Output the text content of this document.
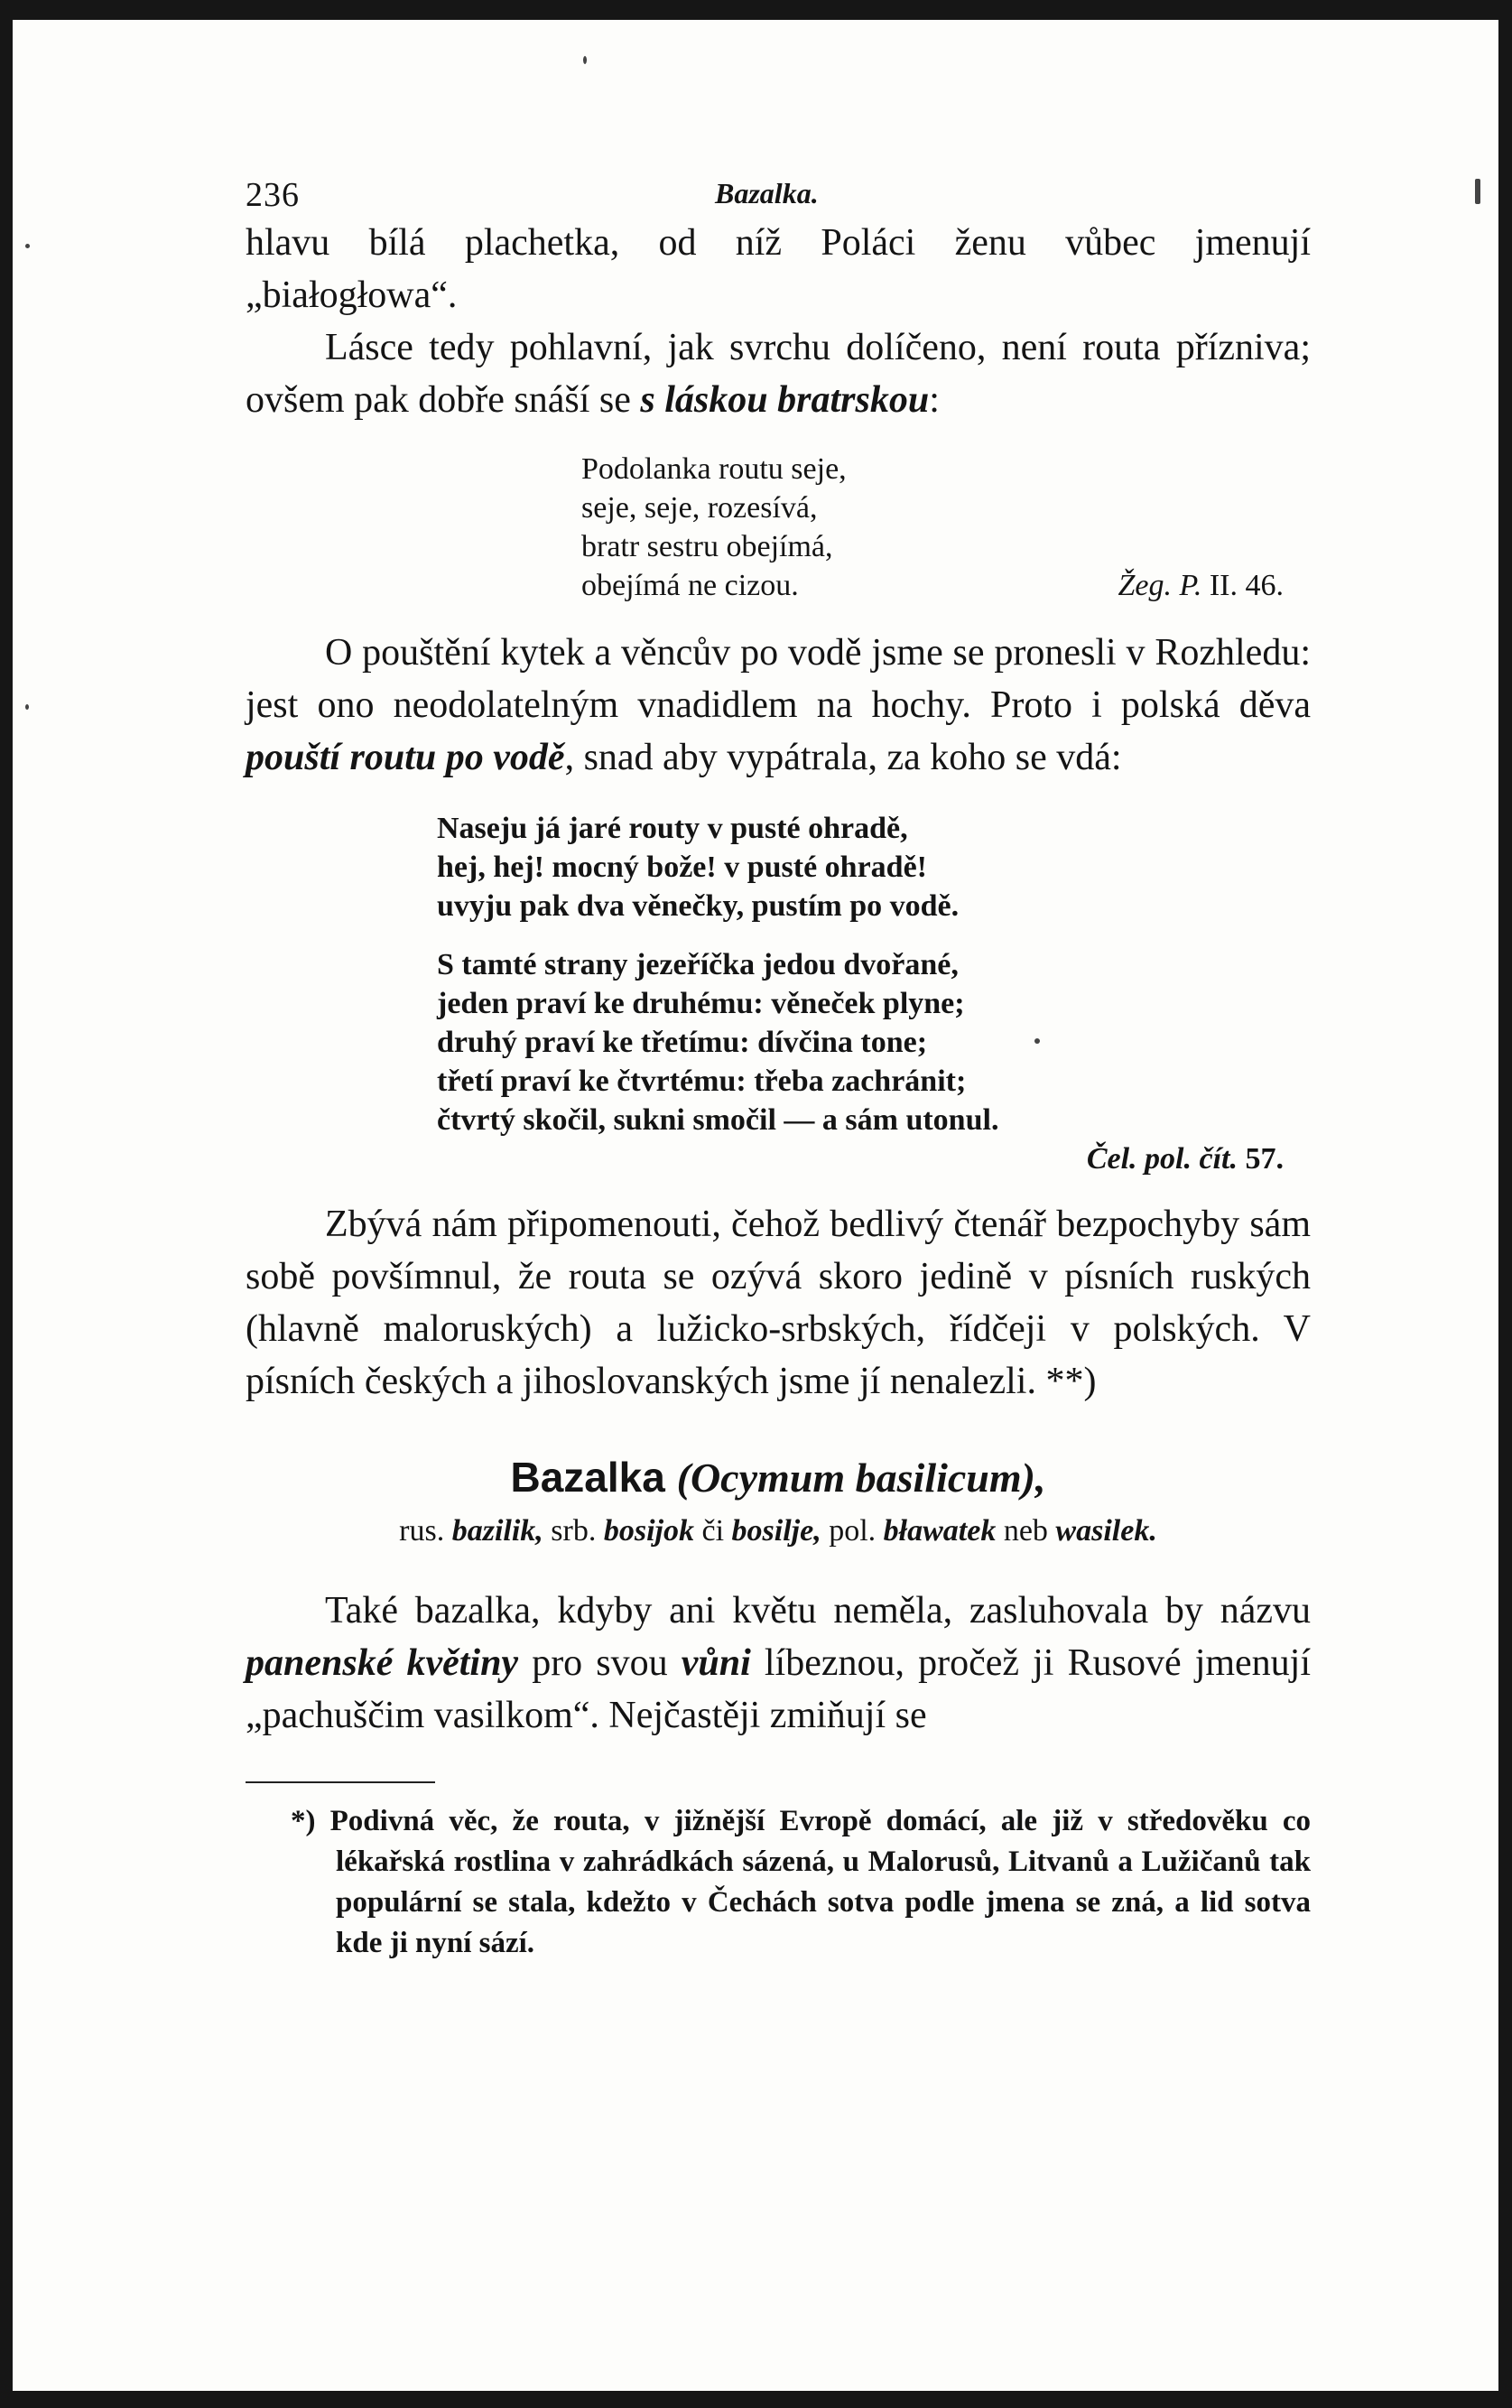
236	Bazalka.

hlavu bílá plachetka, od níž Poláci ženu vůbec jmenují
„białogłowa“.

Lásce tedy pohlavní, jak svrchu dolíčeno, není routa přízniva; ovšem pak dobře snáší se s láskou bratrskou:

Podolanka routu seje,
seje, seje, rozesívá,
bratr sestru obejímá,
obejímá ne cizou.	Žeg. P. II. 46.

O pouštění kytek a věncův po vodě jsme se pronesli v Rozhledu: jest ono neodolatelným vnadidlem na hochy. Proto i polská děva pouští routu po vodě, snad aby vypátrala, za koho se vdá:

Naseju já jaré routy v pusté ohradě,
hej, hej! mocný bože! v pusté ohradě!
uvyju pak dva věnečky, pustím po vodě.
S tamté strany jezeříčka jedou dvořané,
jeden praví ke druhému: věneček plyne;
druhý praví ke třetímu: dívčina tone;
třetí praví ke čtvrtému: třeba zachránit;
čtvrtý skočil, sukni smočil — a sám utonul.
Čel. pol. čít. 57.

Zbývá nám připomenouti, čehož bedlivý čtenář bezpochyby sám sobě povšímnul, že routa se ozývá skoro jedině v písních ruských (hlavně maloruských) a lužicko-srbských, řídčeji v polských. V písních českých a jihoslovanských jsme jí nenalezli. **)

Bazalka (Ocymum basilicum),
rus. bazilik, srb. bosijok či bosilje, pol. bławatek neb wasilek.

Také bazalka, kdyby ani květu neměla, zasluhovala by názvu panenské květiny pro svou vůni líbeznou, pročež ji Rusové jmenují „pachuščim vasilkom“. Nejčastěji zmiňují se

*) Podivná věc, že routa, v jižnější Evropě domácí, ale již v středověku co lékařská rostlina v zahrádkách sázená, u Malorusů, Litvanů a Lužičanů tak populární se stala, kdežto v Čechách sotva podle jmena se zná, a lid sotva kde ji nyní sází.
